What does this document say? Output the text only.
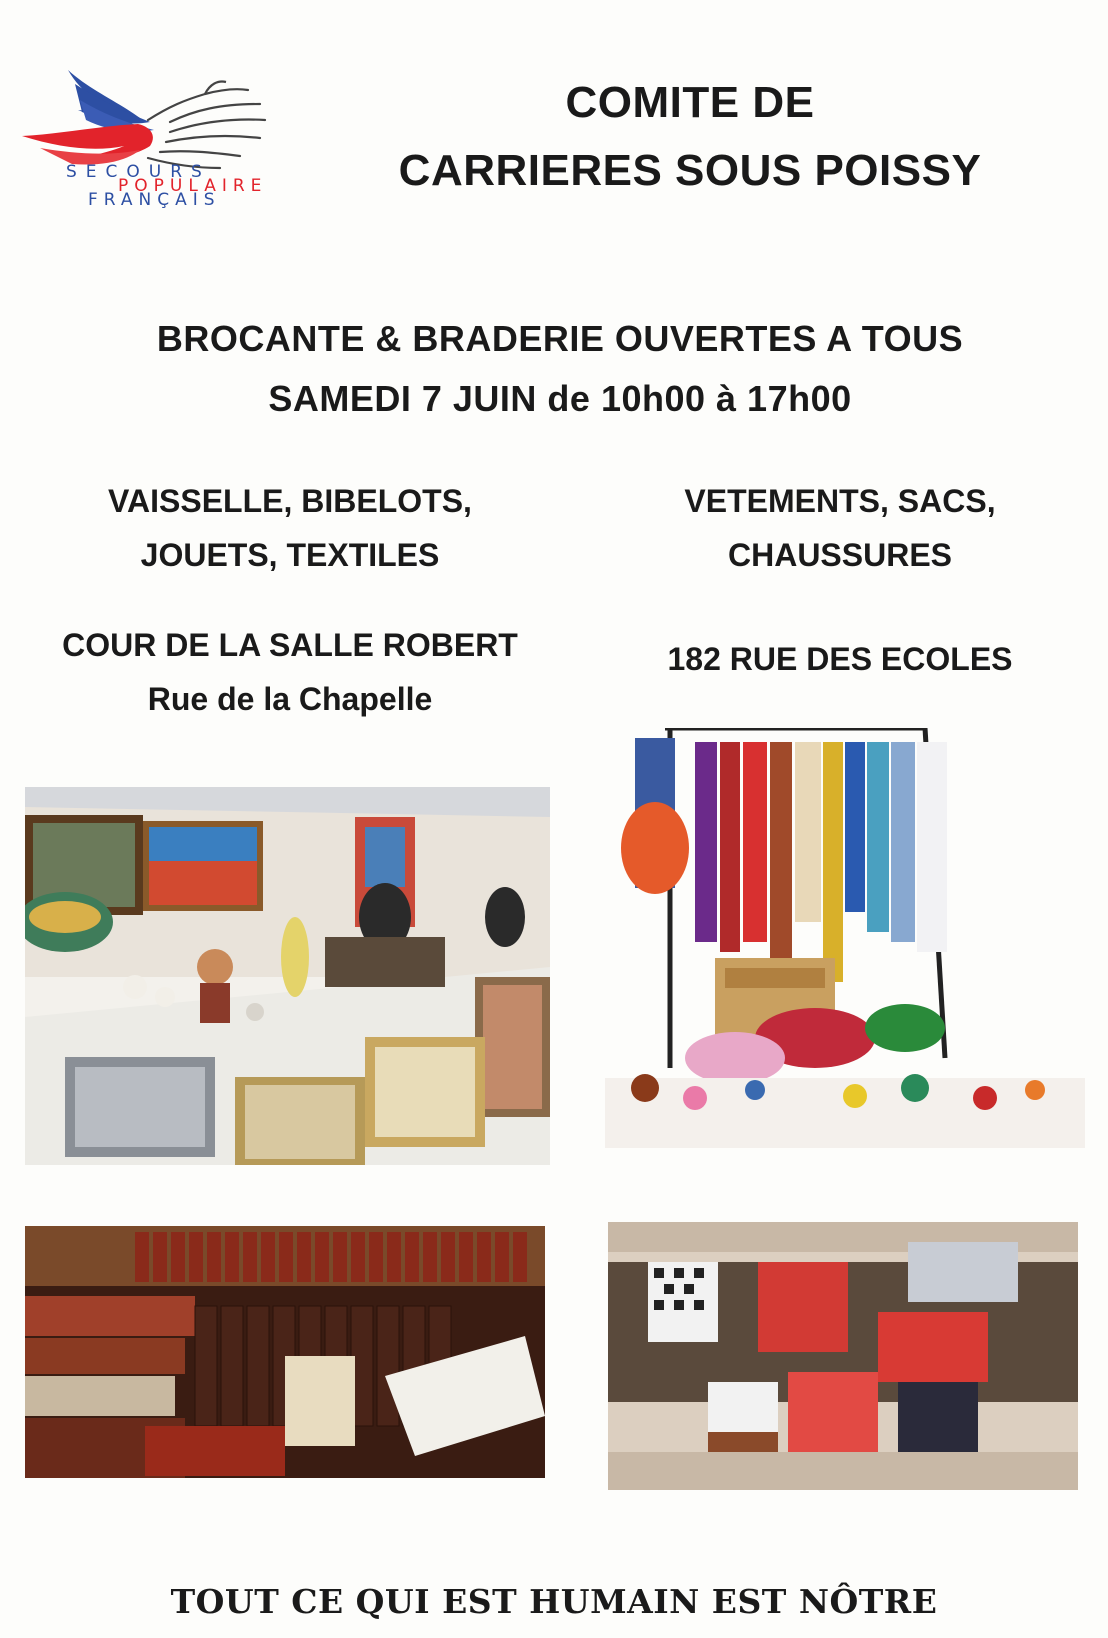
SECOURS
POPULAIRE
FRANÇAIS
COMITE DE
CARRIERES SOUS POISSY
BROCANTE & BRADERIE OUVERTES A TOUS
SAMEDI 7 JUIN de 10h00 à 17h00
VAISSELLE, BIBELOTS,
JOUETS, TEXTILES
VETEMENTS, SACS,
CHAUSSURES
COUR DE LA SALLE ROBERT
Rue de la Chapelle
182 RUE DES ECOLES
TOUT CE QUI EST HUMAIN EST NÔTRE
